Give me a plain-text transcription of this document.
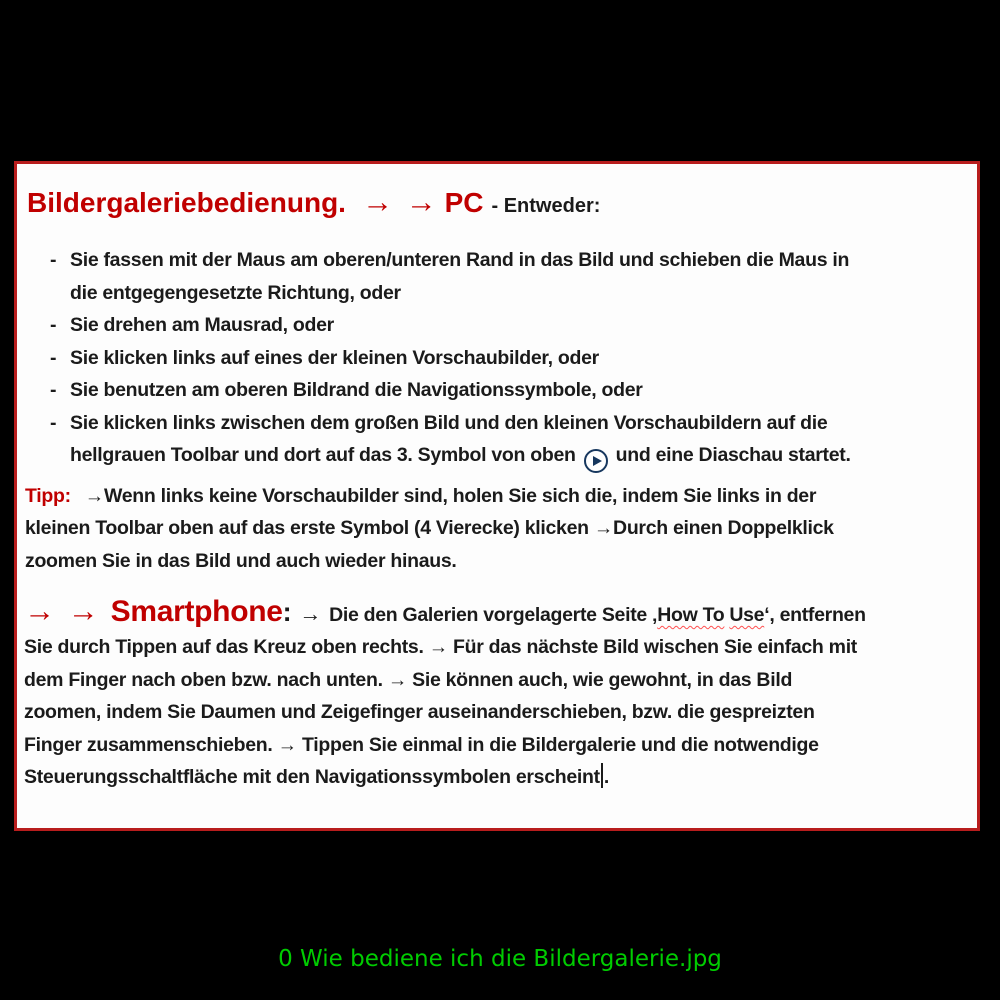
Bildergaleriebedienung. → → PC - Entweder:
- Sie fassen mit der Maus am oberen/unteren Rand in das Bild und schieben die Maus in
die entgegengesetzte Richtung, oder
- Sie drehen am Mausrad, oder
- Sie klicken links auf eines der kleinen Vorschaubilder, oder
- Sie benutzen am oberen Bildrand die Navigationssymbole, oder
- Sie klicken links zwischen dem großen Bild und den kleinen Vorschaubildern auf die
hellgrauen Toolbar und dort auf das 3. Symbol von oben und eine Diaschau startet.
Tipp: →Wenn links keine Vorschaubilder sind, holen Sie sich die, indem Sie links in der
kleinen Toolbar oben auf das erste Symbol (4 Vierecke) klicken →Durch einen Doppelklick
zoomen Sie in das Bild und auch wieder hinaus.
→ → Smartphone: → Die den Galerien vorgelagerte Seite ‚How To Use‘, entfernen
Sie durch Tippen auf das Kreuz oben rechts. → Für das nächste Bild wischen Sie einfach mit
dem Finger nach oben bzw. nach unten. → Sie können auch, wie gewohnt, in das Bild
zoomen, indem Sie Daumen und Zeigefinger auseinanderschieben, bzw. die gespreizten
Finger zusammenschieben. → Tippen Sie einmal in die Bildergalerie und die notwendige
Steuerungsschaltfläche mit den Navigationssymbolen erscheint .
0 Wie bediene ich die Bildergalerie.jpg
